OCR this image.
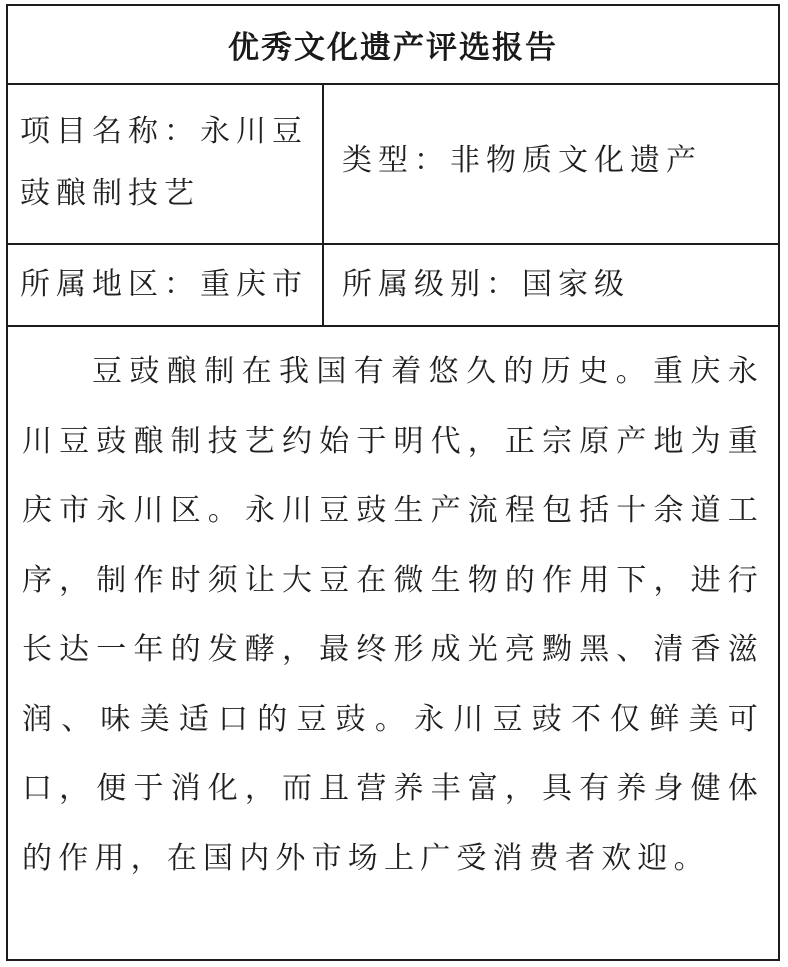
优秀文化遗产评选报告
项目名称：永川豆豉酿制技艺
类型：非物质文化遗产
所属地区：重庆市 所属级别：国家级
豆豉酿制在我国有着悠久的历史。重庆永川豆豉酿制技艺约始于明代，正宗原产地为重庆市永川区。永川豆豉生产流程包括十余道工序，制作时须让大豆在微生物的作用下，进行长达一年的发酵，最终形成光亮黝黑、清香滋润、味美适口的豆豉。永川豆豉不仅鲜美可口，便于消化，而且营养丰富，具有养身健体的作用，在国内外市场上广受消费者欢迎。
